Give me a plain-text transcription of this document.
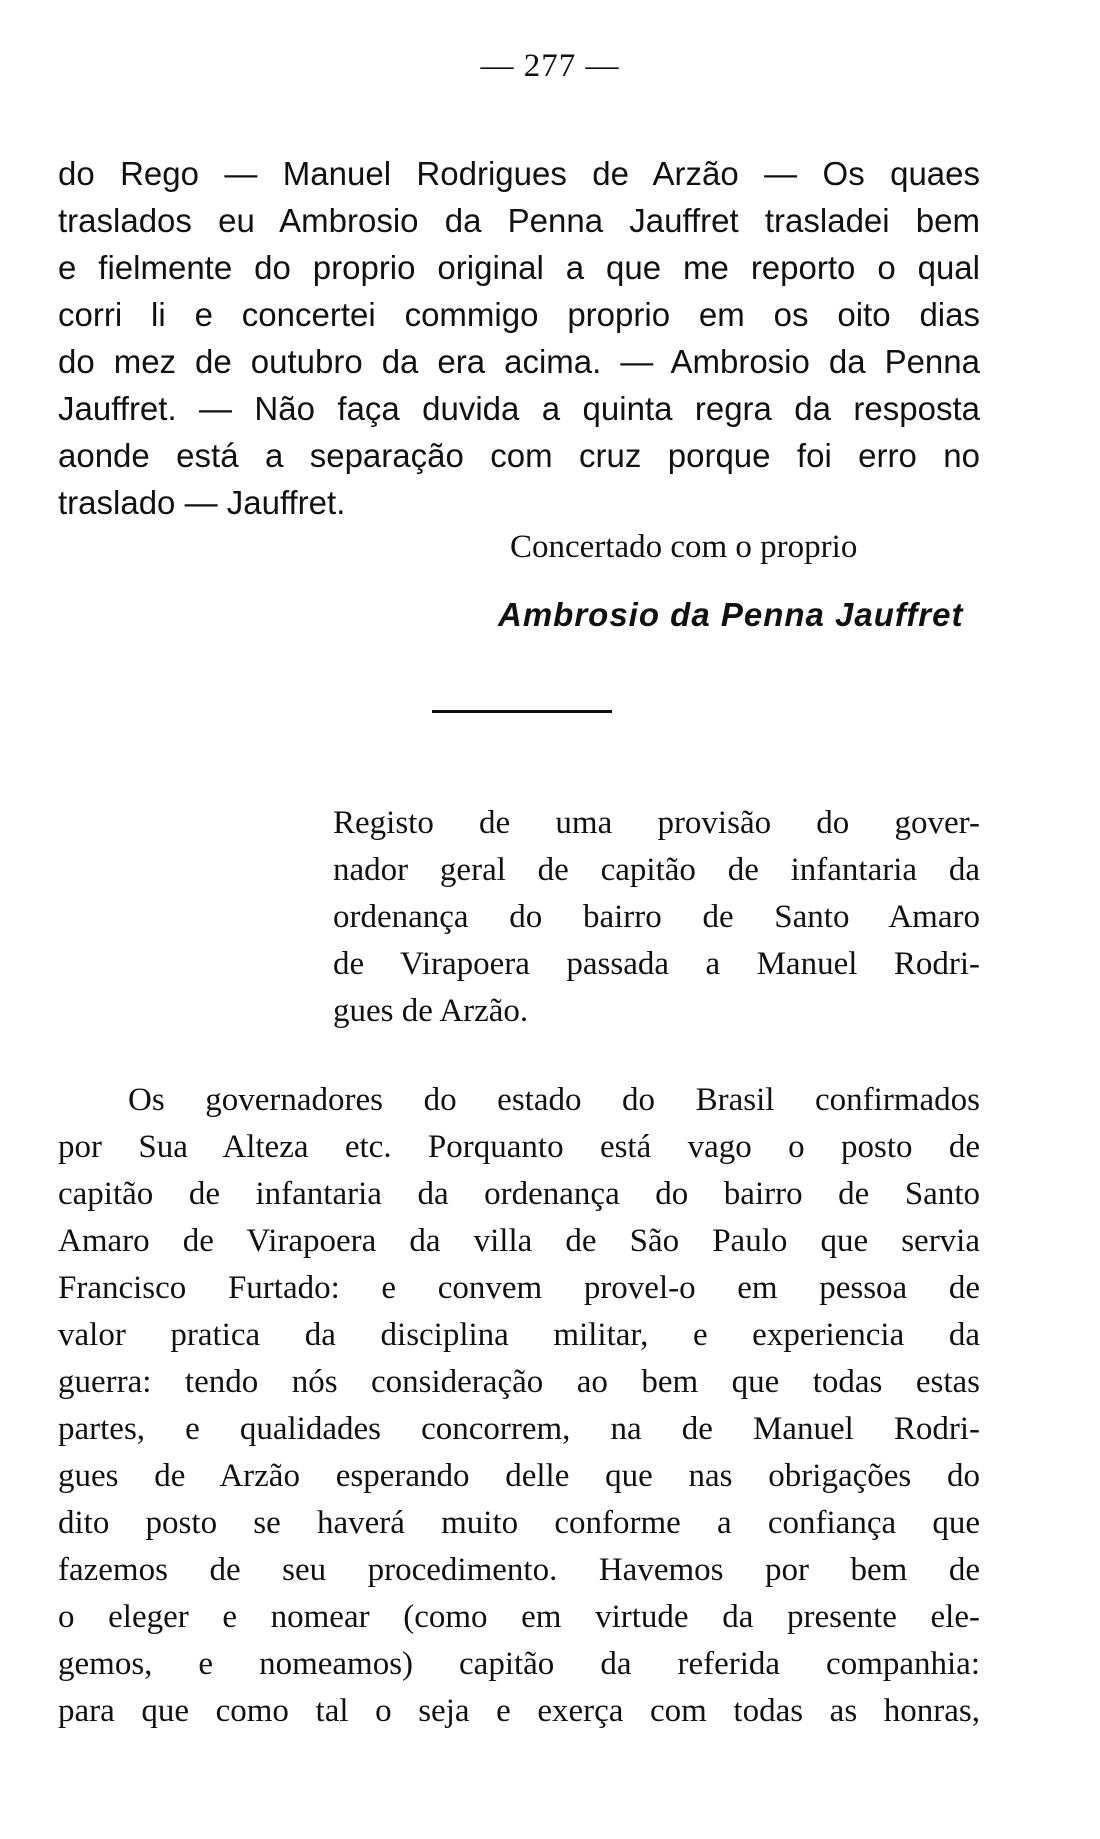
— 277 —
do Rego — Manuel Rodrigues de Arzão — Os quaes
traslados eu Ambrosio da Penna Jauffret trasladei bem
e fielmente do proprio original a que me reporto o qual
corri li e concertei commigo proprio em os oito dias
do mez de outubro da era acima. — Ambrosio da Penna
Jauffret. — Não faça duvida a quinta regra da resposta
aonde está a separação com cruz porque foi erro no
traslado — Jauffret.
Concertado com o proprio
Ambrosio da Penna Jauffret
Registo de uma provisão do gover-
nador geral de capitão de infantaria da
ordenança do bairro de Santo Amaro
de Virapoera passada a Manuel Rodri-
gues de Arzão.
Os governadores do estado do Brasil confirmados
por Sua Alteza etc. Porquanto está vago o posto de
capitão de infantaria da ordenança do bairro de Santo
Amaro de Virapoera da villa de São Paulo que servia
Francisco Furtado: e convem provel-o em pessoa de
valor pratica da disciplina militar, e experiencia da
guerra: tendo nós consideração ao bem que todas estas
partes, e qualidades concorrem, na de Manuel Rodri-
gues de Arzão esperando delle que nas obrigações do
dito posto se haverá muito conforme a confiança que
fazemos de seu procedimento. Havemos por bem de
o eleger e nomear (como em virtude da presente ele-
gemos, e nomeamos) capitão da referida companhia:
para que como tal o seja e exerça com todas as honras,
